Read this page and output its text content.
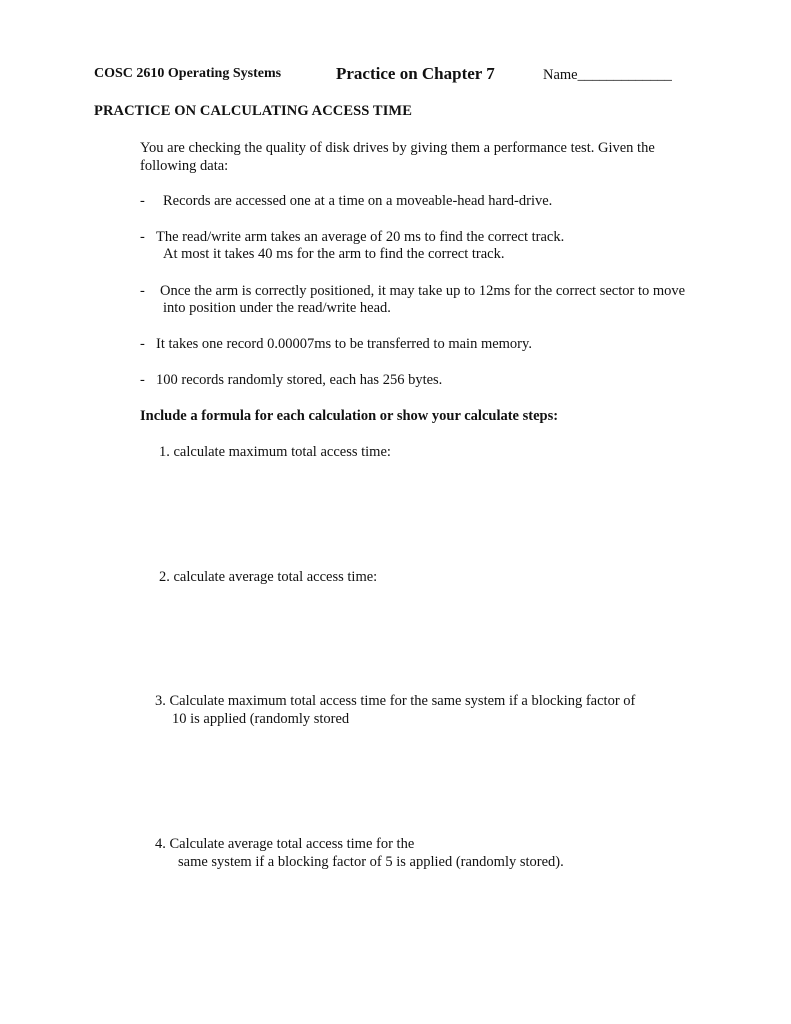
COSC 2610 Operating Systems	Practice on Chapter 7	Name_____________
PRACTICE ON CALCULATING ACCESS TIME
You are checking the quality of disk drives by giving them a performance test. Given the
following data:
- Records are accessed one at a time on a moveable-head hard-drive.
- The read/write arm takes an average of 20 ms to find the correct track.
At most it takes 40 ms for the arm to find the correct track.
- Once the arm is correctly positioned, it may take up to 12ms for the correct sector to move
into position under the read/write head.
- It takes one record 0.00007ms to be transferred to main memory.
- 100 records randomly stored, each has 256 bytes.
Include a formula for each calculation or show your calculate steps:
1. calculate maximum total access time:
2. calculate average total access time:
3. Calculate maximum total access time for the same system if a blocking factor of
10 is applied (randomly stored
4. Calculate average total access time for the
same system if a blocking factor of 5 is applied (randomly stored).
